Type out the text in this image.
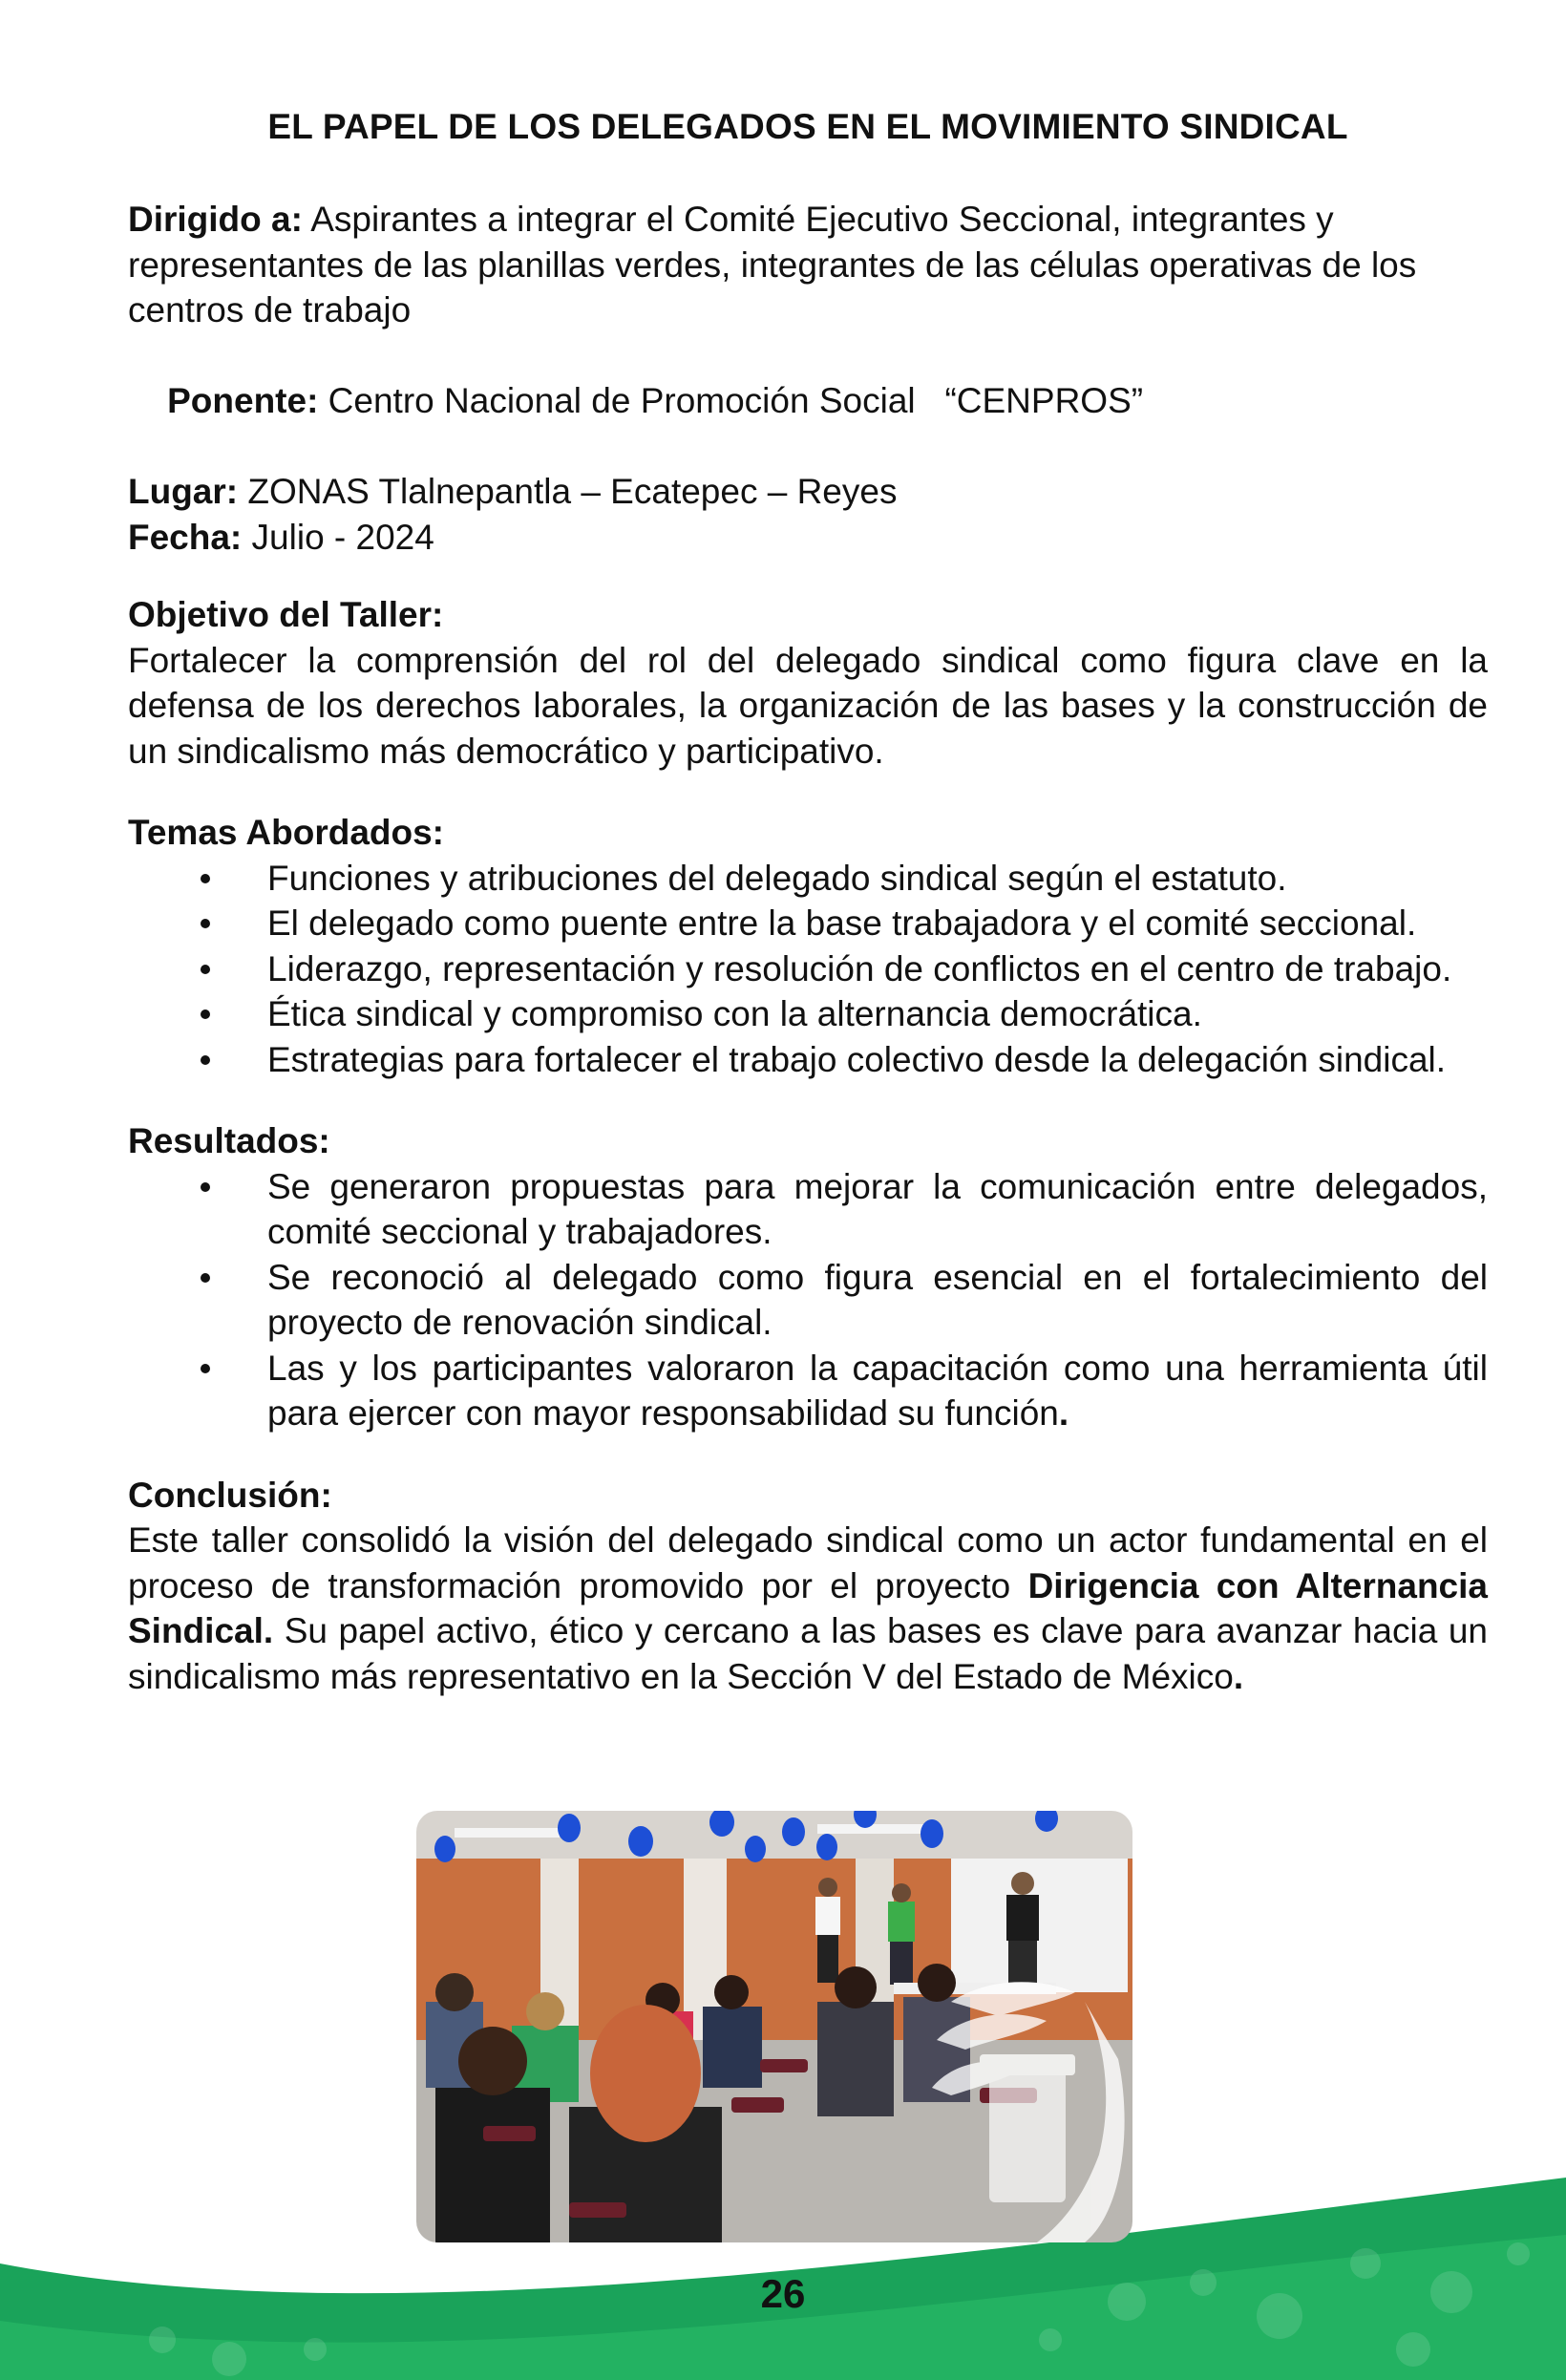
EL PAPEL DE LOS DELEGADOS EN EL MOVIMIENTO SINDICAL

Dirigido a: Aspirantes a integrar el Comité Ejecutivo Seccional, integrantes y representantes de las planillas verdes, integrantes de las células operativas de los centros de trabajo

Ponente: Centro Nacional de Promoción Social   “CENPROS”

Lugar: ZONAS Tlalnepantla – Ecatepec – Reyes

Fecha: Julio - 2024

Objetivo del Taller:

Fortalecer la comprensión del rol del delegado sindical como figura clave en la defensa de los derechos laborales, la organización de las bases y la construcción de un sindicalismo más democrático y participativo.

Temas Abordados:

Funciones y atribuciones del delegado sindical según el estatuto.
El delegado como puente entre la base trabajadora y el comité seccional.
Liderazgo, representación y resolución de conflictos en el centro de trabajo.
Ética sindical y compromiso con la alternancia democrática.
Estrategias para fortalecer el trabajo colectivo desde la delegación sindical.

Resultados:

Se generaron propuestas para mejorar la comunicación entre delegados, comité seccional y trabajadores.
Se reconoció al delegado como figura esencial en el fortalecimiento del proyecto de renovación sindical.
Las y los participantes valoraron la capacitación como una herramienta útil para ejercer con mayor responsabilidad su función.

Conclusión:

Este taller consolidó la visión del delegado sindical como un actor fundamental en el proceso de transformación promovido por el proyecto Dirigencia con Alternancia Sindical. Su papel activo, ético y cercano a las bases es clave para avanzar hacia un sindicalismo más representativo en la Sección V del Estado de México.

26
